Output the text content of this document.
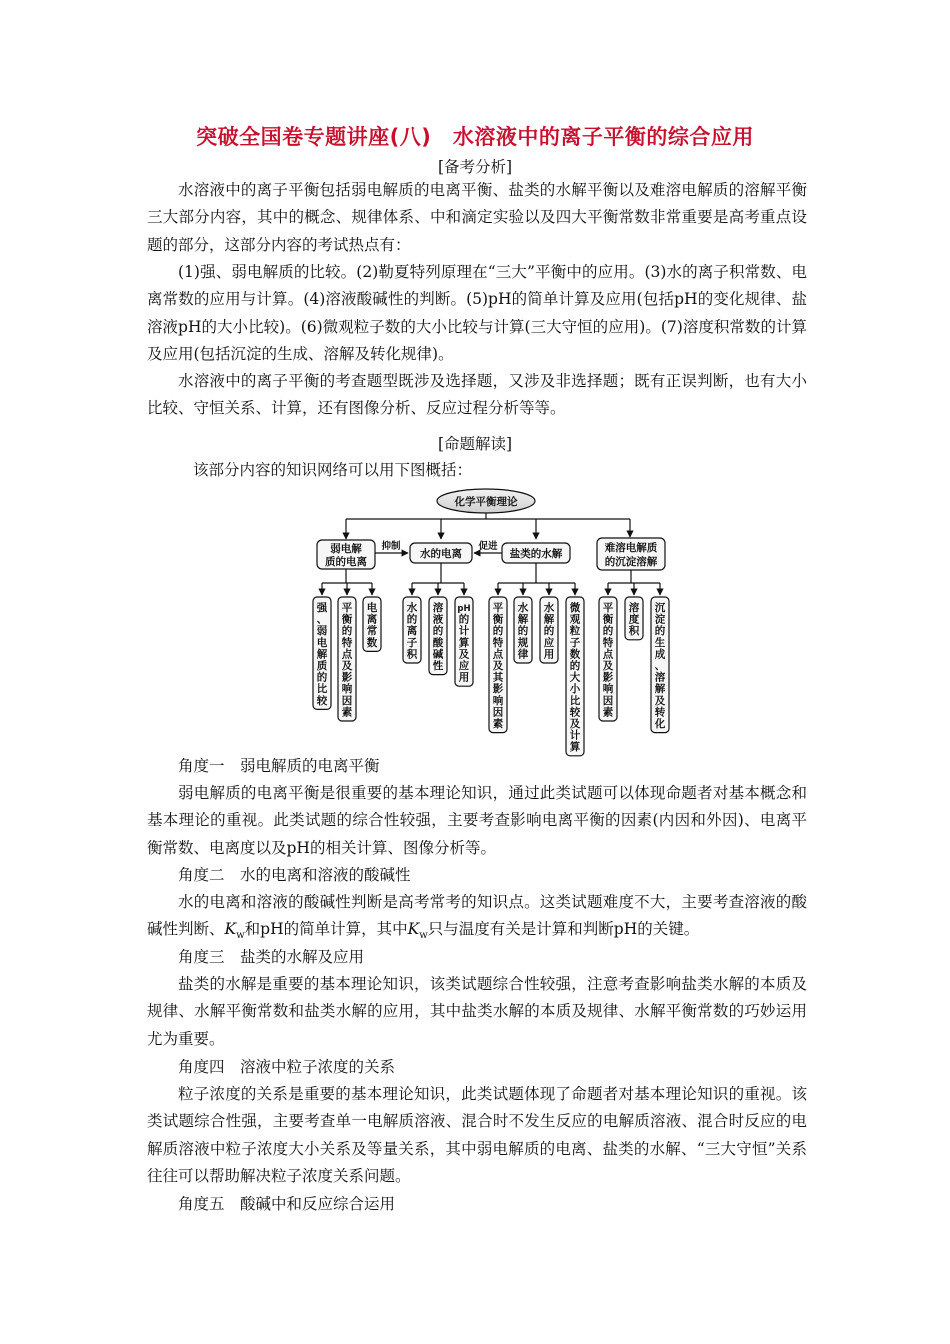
突破全国卷专题讲座(八)　水溶液中的离子平衡的综合应用
[备考分析]

水溶液中的离子平衡包括弱电解质的电离平衡、盐类的水解平衡以及难溶电解质的溶解平衡三大部分内容，其中的概念、规律体系、中和滴定实验以及四大平衡常数非常重要是高考重点设题的部分，这部分内容的考试热点有：

(1)强、弱电解质的比较。(2)勒夏特列原理在“三大”平衡中的应用。(3)水的离子积常数、电离常数的应用与计算。(4)溶液酸碱性的判断。(5)pH的简单计算及应用(包括pH的变化规律、盐溶液pH的大小比较)。(6)微观粒子数的大小比较与计算(三大守恒的应用)。(7)溶度积常数的计算及应用(包括沉淀的生成、溶解及转化规律)。

水溶液中的离子平衡的考查题型既涉及选择题，又涉及非选择题；既有正误判断，也有大小比较、守恒关系、计算，还有图像分析、反应过程分析等等。

[命题解读]
该部分内容的知识网络可以用下图概括：
化学平衡理论
弱电解
质的电离
水的电离	盐类的水解	难溶电解质
的沉淀溶解
抑制	促进
强、弱电解质的比较
平衡的特点及影响因素
电离常数
水的离子积
溶液的酸碱性
pH 的计算及应用
平衡的特点及其影响因素
水解的规律
水解的应用
微观粒子数的大小比较及计算
平衡的特点及影响因素
溶度积
沉淀的生成、溶解及转化
角度一　弱电解质的电离平衡

弱电解质的电离平衡是很重要的基本理论知识，通过此类试题可以体现命题者对基本概念和基本理论的重视。此类试题的综合性较强，主要考查影响电离平衡的因素(内因和外因)、电离平衡常数、电离度以及pH的相关计算、图像分析等。

角度二　水的电离和溶液的酸碱性

水的电离和溶液的酸碱性判断是高考常考的知识点。这类试题难度不大，主要考查溶液的酸碱性判断、$K_w$和pH的简单计算，其中$K_w$只与温度有关是计算和判断pH的关键。

角度三　盐类的水解及应用

盐类的水解是重要的基本理论知识，该类试题综合性较强，注意考查影响盐类水解的本质及规律、水解平衡常数和盐类水解的应用，其中盐类水解的本质及规律、水解平衡常数的巧妙运用尤为重要。

角度四　溶液中粒子浓度的关系

粒子浓度的关系是重要的基本理论知识，此类试题体现了命题者对基本理论知识的重视。该类试题综合性强，主要考查单一电解质溶液、混合时不发生反应的电解质溶液、混合时反应的电解质溶液中粒子浓度大小关系及等量关系，其中弱电解质的电离、盐类的水解、“三大守恒”关系往往可以帮助解决粒子浓度关系问题。

角度五　酸碱中和反应综合运用
